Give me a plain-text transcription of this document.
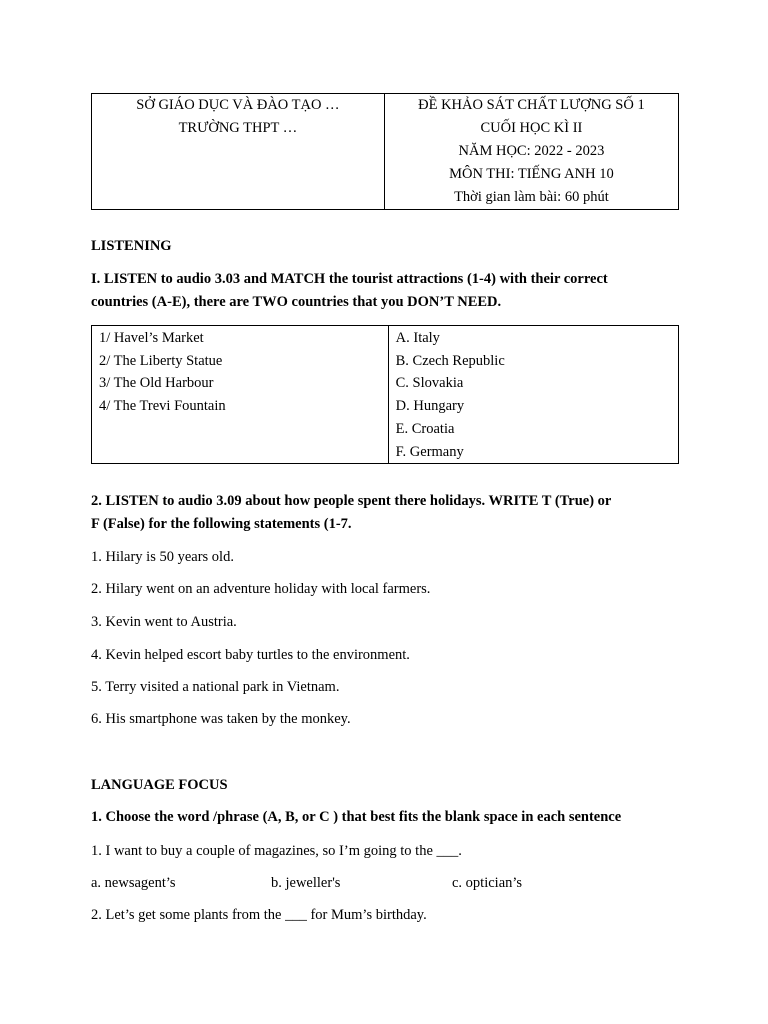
SỞ GIÁO DỤC VÀ ĐÀO TẠO …
TRƯỜNG THPT …

ĐỀ KHẢO SÁT CHẤT LƯỢNG SỐ 1
CUỐI HỌC KÌ II
NĂM HỌC: 2022 - 2023
MÔN THI: TIẾNG ANH 10
Thời gian làm bài: 60 phút
LISTENING
I. LISTEN to audio 3.03 and MATCH the tourist attractions (1-4) with their correct
countries (A-E), there are TWO countries that you DON’T NEED.
1/ Havel’s Market
2/ The Liberty Statue
3/ The Old Harbour
4/ The Trevi Fountain

A. Italy
B. Czech Republic
C. Slovakia
D. Hungary
E. Croatia
F. Germany
2. LISTEN to audio 3.09 about how people spent there holidays. WRITE T (True) or
F (False) for the following statements (1-7.
1. Hilary is 50 years old.
2. Hilary went on an adventure holiday with local farmers.
3. Kevin went to Austria.
4. Kevin helped escort baby turtles to the environment.
5. Terry visited a national park in Vietnam.
6. His smartphone was taken by the monkey.
LANGUAGE FOCUS
1. Choose the word /phrase (A, B, or C ) that best fits the blank space in each sentence
1. I want to buy a couple of magazines, so I’m going to the ___.
a. newsagent’s	b. jeweller's	c. optician’s
2. Let’s get some plants from the ___ for Mum’s birthday.
